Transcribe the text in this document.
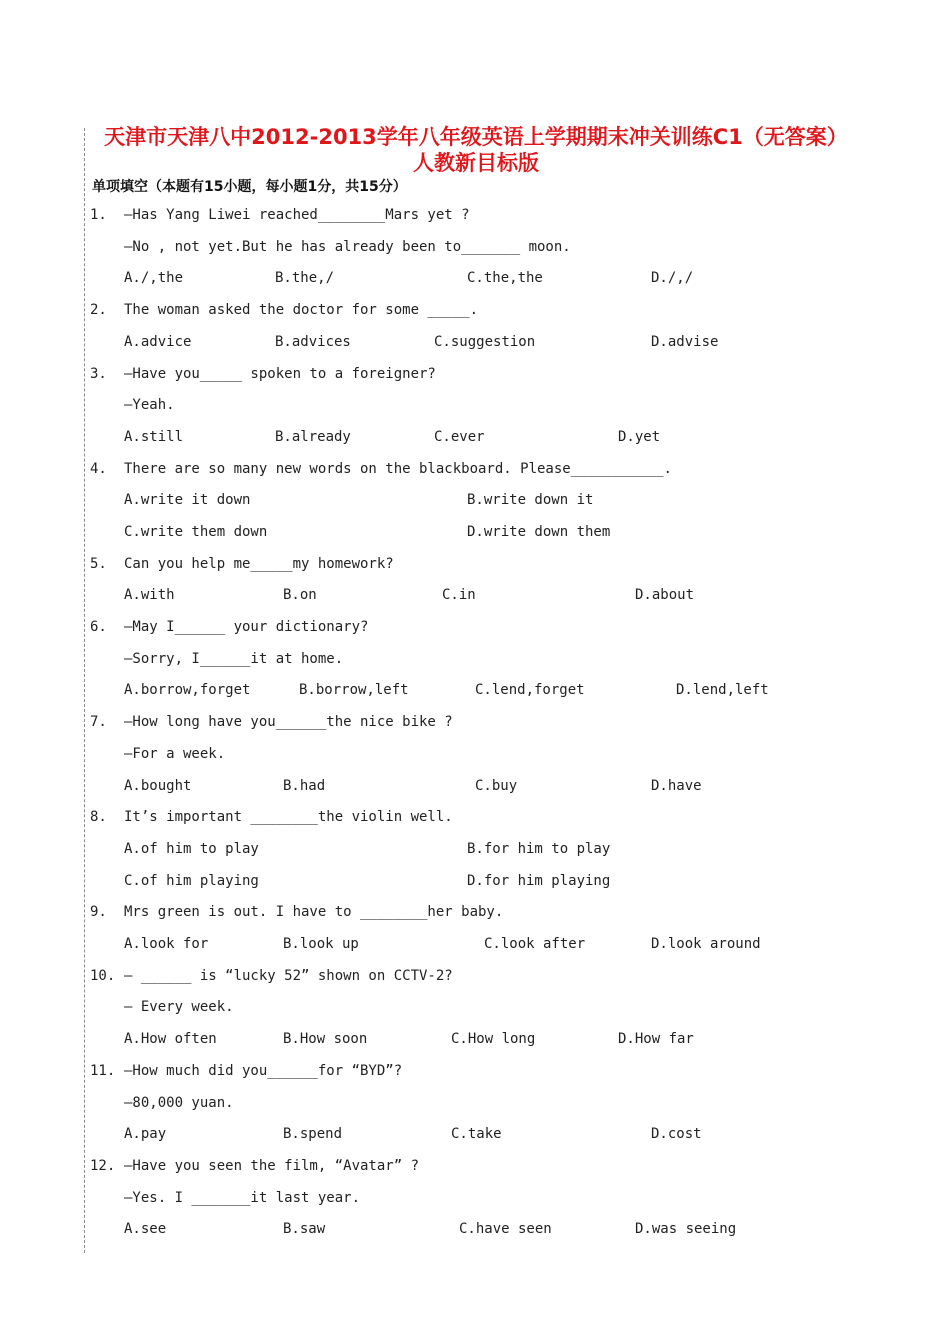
天津市天津八中2012-2013学年八年级英语上学期期末冲关训练C1（无答案）
人教新目标版
单项填空（本题有15小题，每小题1分，共15分）
1. —Has Yang Liwei reached________Mars yet ?
—No , not yet.But he has already been to_______ moon.
A./,the	B.the,/	C.the,the	D./,/
2. The woman asked the doctor for some _____.
A.advice	B.advices	C.suggestion	D.advise
3. —Have you_____ spoken to a foreigner?
—Yeah.
A.still	B.already	C.ever	D.yet
4. There are so many new words on the blackboard. Please___________.
A.write it down	B.write down it
C.write them down	D.write down them
5. Can you help me_____my homework?
A.with	B.on	C.in	D.about
6. —May I______ your dictionary?
—Sorry, I______it at home.
A.borrow,forget	B.borrow,left	C.lend,forget	D.lend,left
7. —How long have you______the nice bike ?
—For a week.
A.bought	B.had	C.buy	D.have
8. It’s important ________the violin well.
A.of him to play	B.for him to play
C.of him playing	D.for him playing
9. Mrs green is out. I have to ________her baby.
A.look for	B.look up	C.look after	D.look around
10. — ______ is “lucky 52” shown on CCTV-2?
— Every week.
A.How often	B.How soon	C.How long	D.How far
11. —How much did you______for “BYD”?
—80,000 yuan.
A.pay	B.spend	C.take	D.cost
12. —Have you seen the film, “Avatar” ?
—Yes. I _______it last year.
A.see	B.saw	C.have seen	D.was seeing
